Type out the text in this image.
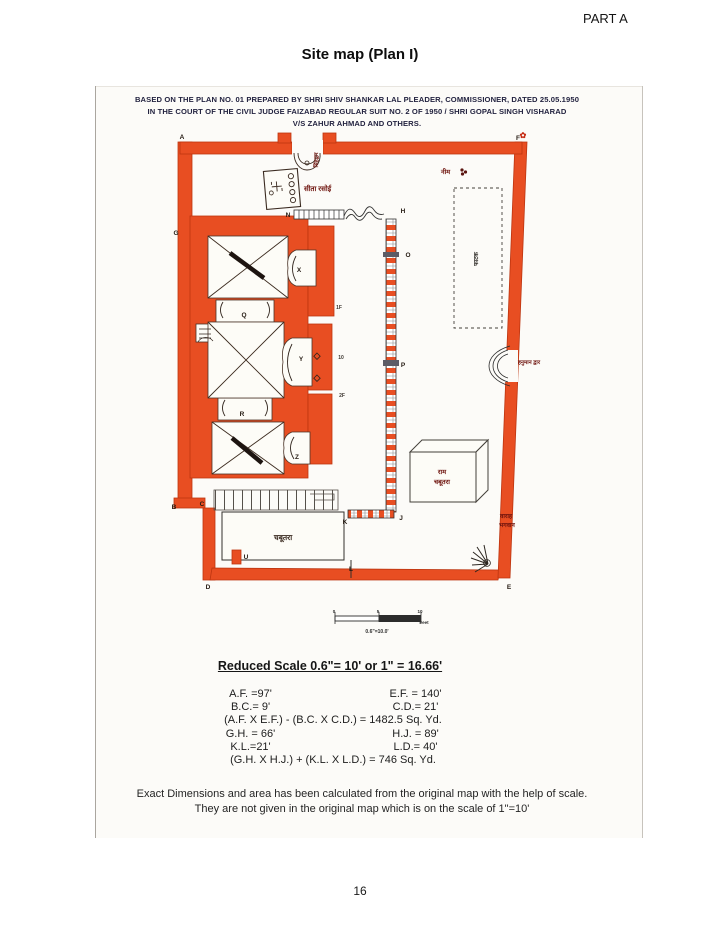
PART A
Site map (Plan I)
BASED ON THE PLAN NO. 01 PREPARED BY SHRI SHIV SHANKAR LAL PLEADER, COMMISSIONER, DATED 25.05.1950
IN THE COURT OF THE CIVIL JUDGE FAIZABAD REGULAR SUIT NO. 2 OF 1950 / SHRI GOPAL SINGH VISHARAD
V/S ZAHUR AHMAD AND OTHERS.
A	F
G
N
H
O
P
X
Q
Y
R
Z
B	C
D
U
K
J
L
E
1F
10
2F
सिंहद्वार
सीता रसोई
नीम
फाटक
हनुमान द्वार
राम
चबूतरा
चबूतरा
वाराह
भगवान
✿
0	5	10
Feet
0.6"=10.0'
Reduced Scale 0.6"= 10' or 1" = 16.66'
A.F. =97'	E.F. = 140'
B.C.= 9'	C.D.= 21'
(A.F. X E.F.) - (B.C. X C.D.) = 1482.5 Sq. Yd.
G.H. = 66'	H.J. = 89'
K.L.=21'	L.D.= 40'
(G.H. X H.J.) + (K.L. X L.D.) = 746 Sq. Yd.
Exact Dimensions and area has been calculated from the original map with the help of scale.
They are not given in the original map which is on the scale of 1"=10'
16
